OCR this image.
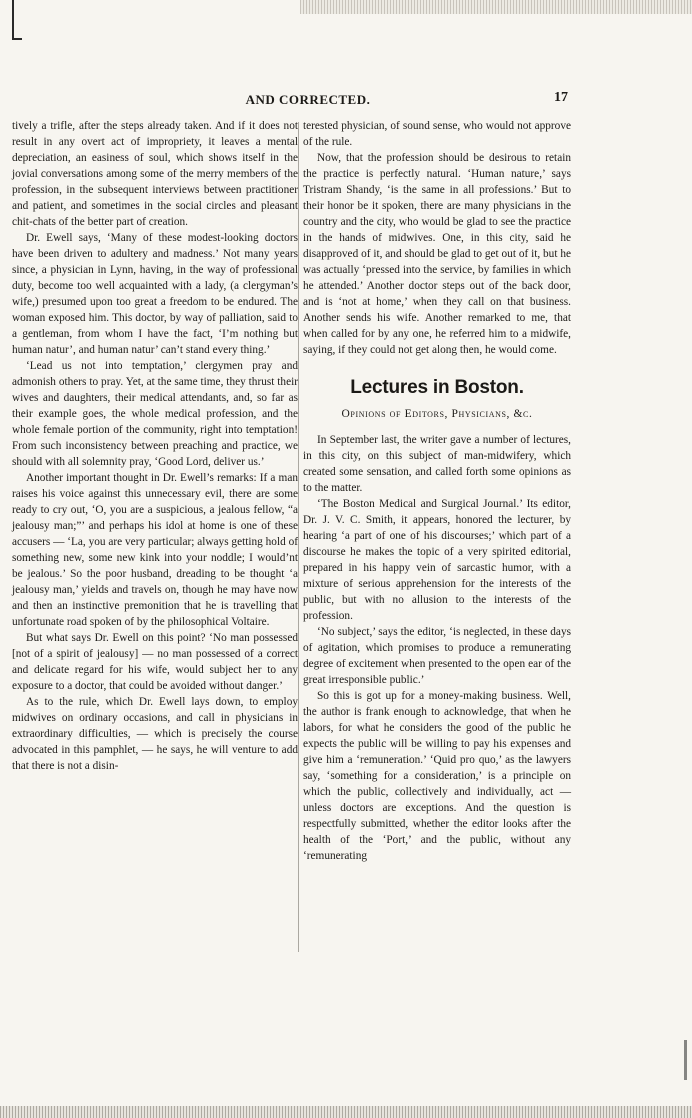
AND CORRECTED.	17

tively a trifle, after the steps already taken. And if it does not result in any overt act of impropriety, it leaves a mental depreciation, an easiness of soul, which shows itself in the jovial conversations among some of the merry members of the profession, in the subsequent interviews between practitioner and patient, and sometimes in the social circles and pleasant chit-chats of the better part of creation.

Dr. Ewell says, ‘Many of these modest-looking doctors have been driven to adultery and madness.’ Not many years since, a physician in Lynn, having, in the way of professional duty, become too well acquainted with a lady, (a clergyman’s wife,) presumed upon too great a freedom to be endured. The woman exposed him. This doctor, by way of palliation, said to a gentleman, from whom I have the fact, ‘I’m nothing but human natur’, and human natur’ can’t stand every thing.’

‘Lead us not into temptation,’ clergymen pray and admonish others to pray. Yet, at the same time, they thrust their wives and daughters, their medical attendants, and, so far as their example goes, the whole medical profession, and the whole female portion of the community, right into temptation! From such inconsistency between preaching and practice, we should with all solemnity pray, ‘Good Lord, deliver us.’

Another important thought in Dr. Ewell’s remarks: If a man raises his voice against this unnecessary evil, there are some ready to cry out, ‘O, you are a suspicious, a jealous fellow, “a jealousy man;”’ and perhaps his idol at home is one of these accusers — ‘La, you are very particular; always getting hold of something new, some new kink into your noddle; I would’nt be jealous.’ So the poor husband, dreading to be thought ‘a jealousy man,’ yields and travels on, though he may have now and then an instinctive premonition that he is travelling that unfortunate road spoken of by the philosophical Voltaire.

But what says Dr. Ewell on this point? ‘No man possessed [not of a spirit of jealousy] — no man possessed of a correct and delicate regard for his wife, would subject her to any exposure to a doctor, that could be avoided without danger.’

As to the rule, which Dr. Ewell lays down, to employ midwives on ordinary occasions, and call in physicians in extraordinary difficulties, — which is precisely the course advocated in this pamphlet, — he says, he will venture to add that there is not a disin-

terested physician, of sound sense, who would not approve of the rule.

Now, that the profession should be desirous to retain the practice is perfectly natural. ‘Human nature,’ says Tristram Shandy, ‘is the same in all professions.’ But to their honor be it spoken, there are many physicians in the country and the city, who would be glad to see the practice in the hands of midwives. One, in this city, said he disapproved of it, and should be glad to get out of it, but he was actually ‘pressed into the service, by families in which he attended.’ Another doctor steps out of the back door, and is ‘not at home,’ when they call on that business. Another sends his wife. Another remarked to me, that when called for by any one, he referred him to a midwife, saying, if they could not get along then, he would come.

Lectures in Boston.
Opinions of Editors, Physicians, &c.

In September last, the writer gave a number of lectures, in this city, on this subject of man-midwifery, which created some sensation, and called forth some opinions as to the matter.

‘The Boston Medical and Surgical Journal.’ Its editor, Dr. J. V. C. Smith, it appears, honored the lecturer, by hearing ‘a part of one of his discourses;’ which part of a discourse he makes the topic of a very spirited editorial, prepared in his happy vein of sarcastic humor, with a mixture of serious apprehension for the interests of the public, but with no allusion to the interests of the profession.

‘No subject,’ says the editor, ‘is neglected, in these days of agitation, which promises to produce a remunerating degree of excitement when presented to the open ear of the great irresponsible public.’

So this is got up for a money-making business. Well, the author is frank enough to acknowledge, that when he labors, for what he considers the good of the public he expects the public will be willing to pay his expenses and give him a ‘remuneration.’ ‘Quid pro quo,’ as the lawyers say, ‘something for a consideration,’ is a principle on which the public, collectively and individually, act — unless doctors are exceptions. And the question is respectfully submitted, whether the editor looks after the health of the ‘Port,’ and the public, without any ‘remunerating
